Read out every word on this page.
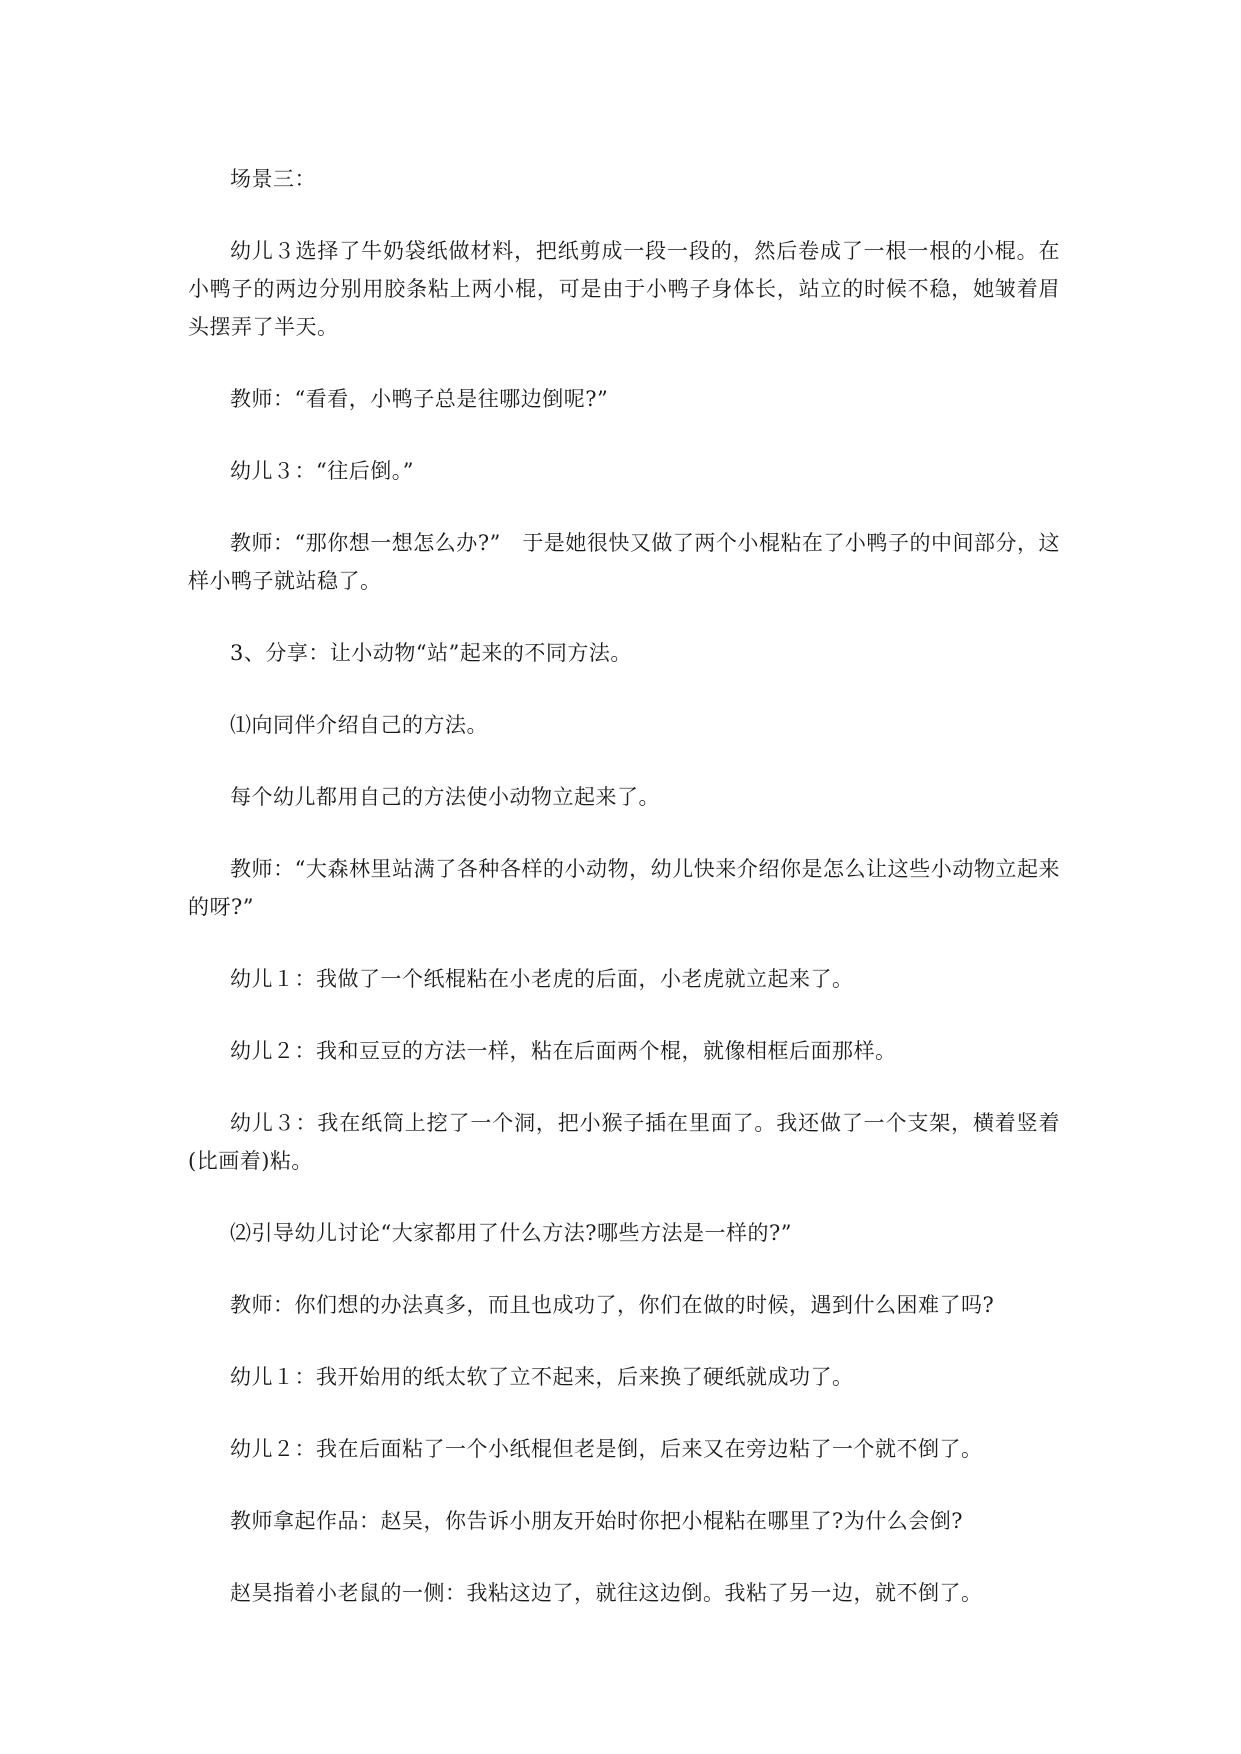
场景三：

幼儿３选择了牛奶袋纸做材料，把纸剪成一段一段的，然后卷成了一根一根的小棍。在小鸭子的两边分别用胶条粘上两小棍，可是由于小鸭子身体长，站立的时候不稳，她皱着眉头摆弄了半天。

教师：“看看，小鸭子总是往哪边倒呢?”

幼儿３：“往后倒。”

教师：“那你想一想怎么办?”　于是她很快又做了两个小棍粘在了小鸭子的中间部分，这样小鸭子就站稳了。

3、分享：让小动物“站”起来的不同方法。

⑴向同伴介绍自己的方法。

每个幼儿都用自己的方法使小动物立起来了。

教师：“大森林里站满了各种各样的小动物，幼儿快来介绍你是怎么让这些小动物立起来的呀?”

幼儿１：我做了一个纸棍粘在小老虎的后面，小老虎就立起来了。

幼儿２：我和豆豆的方法一样，粘在后面两个棍，就像相框后面那样。

幼儿３：我在纸筒上挖了一个洞，把小猴子插在里面了。我还做了一个支架，横着竖着(比画着)粘。

⑵引导幼儿讨论“大家都用了什么方法?哪些方法是一样的?”

教师：你们想的办法真多，而且也成功了，你们在做的时候，遇到什么困难了吗?

幼儿１：我开始用的纸太软了立不起来，后来换了硬纸就成功了。

幼儿２：我在后面粘了一个小纸棍但老是倒，后来又在旁边粘了一个就不倒了。

教师拿起作品：赵吴，你告诉小朋友开始时你把小棍粘在哪里了?为什么会倒?

赵昊指着小老鼠的一侧：我粘这边了，就往这边倒。我粘了另一边，就不倒了。
